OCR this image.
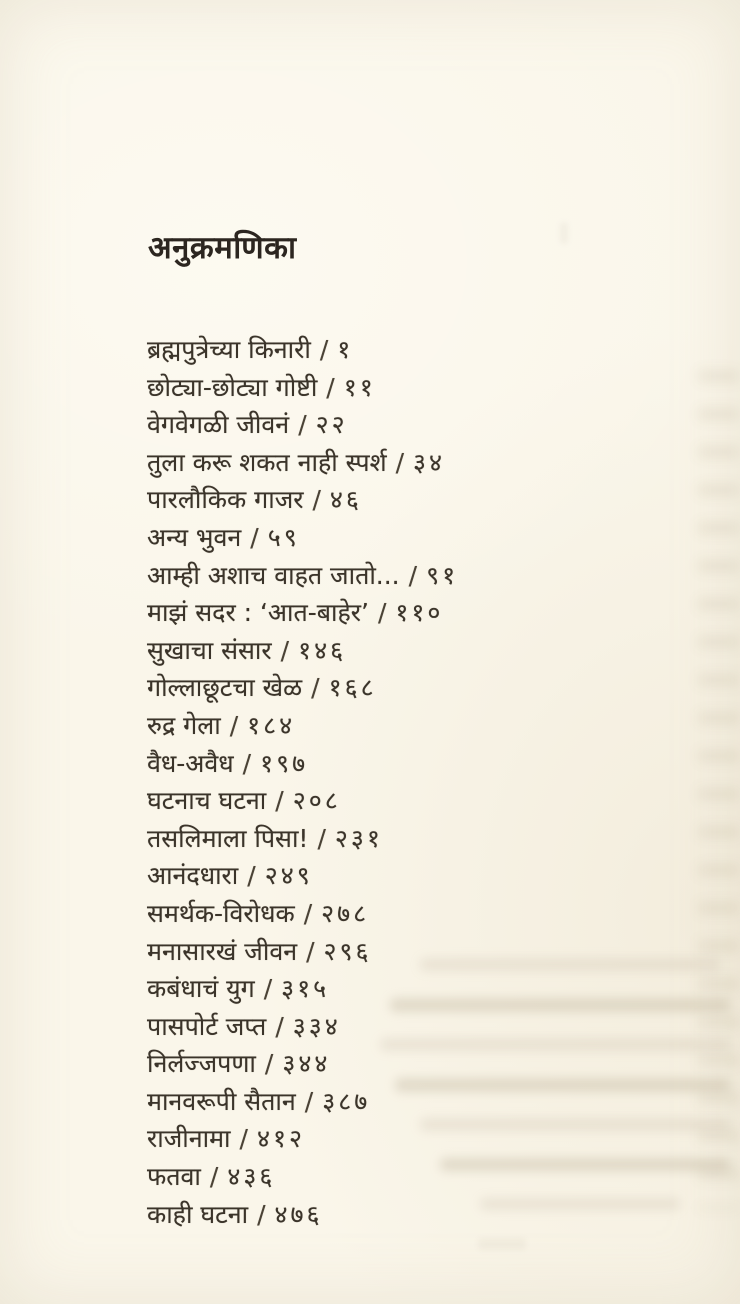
अनुक्रमणिका
ब्रह्मपुत्रेच्या किनारी / १
छोट्या-छोट्या गोष्टी / ११
वेगवेगळी जीवनं / २२
तुला करू शकत नाही स्पर्श / ३४
पारलौकिक गाजर / ४६
अन्य भुवन / ५९
आम्ही अशाच वाहत जातो... / ९१
माझं सदर : ‘आत-बाहेर’ / ११०
सुखाचा संसार / १४६
गोल्लाछूटचा खेळ / १६८
रुद्र गेला / १८४
वैध-अवैध / १९७
घटनाच घटना / २०८
तसलिमाला पिसा! / २३१
आनंदधारा / २४९
समर्थक-विरोधक / २७८
मनासारखं जीवन / २९६
कबंधाचं युग / ३१५
पासपोर्ट जप्त / ३३४
निर्लज्जपणा / ३४४
मानवरूपी सैतान / ३८७
राजीनामा / ४१२
फतवा / ४३६
काही घटना / ४७६
